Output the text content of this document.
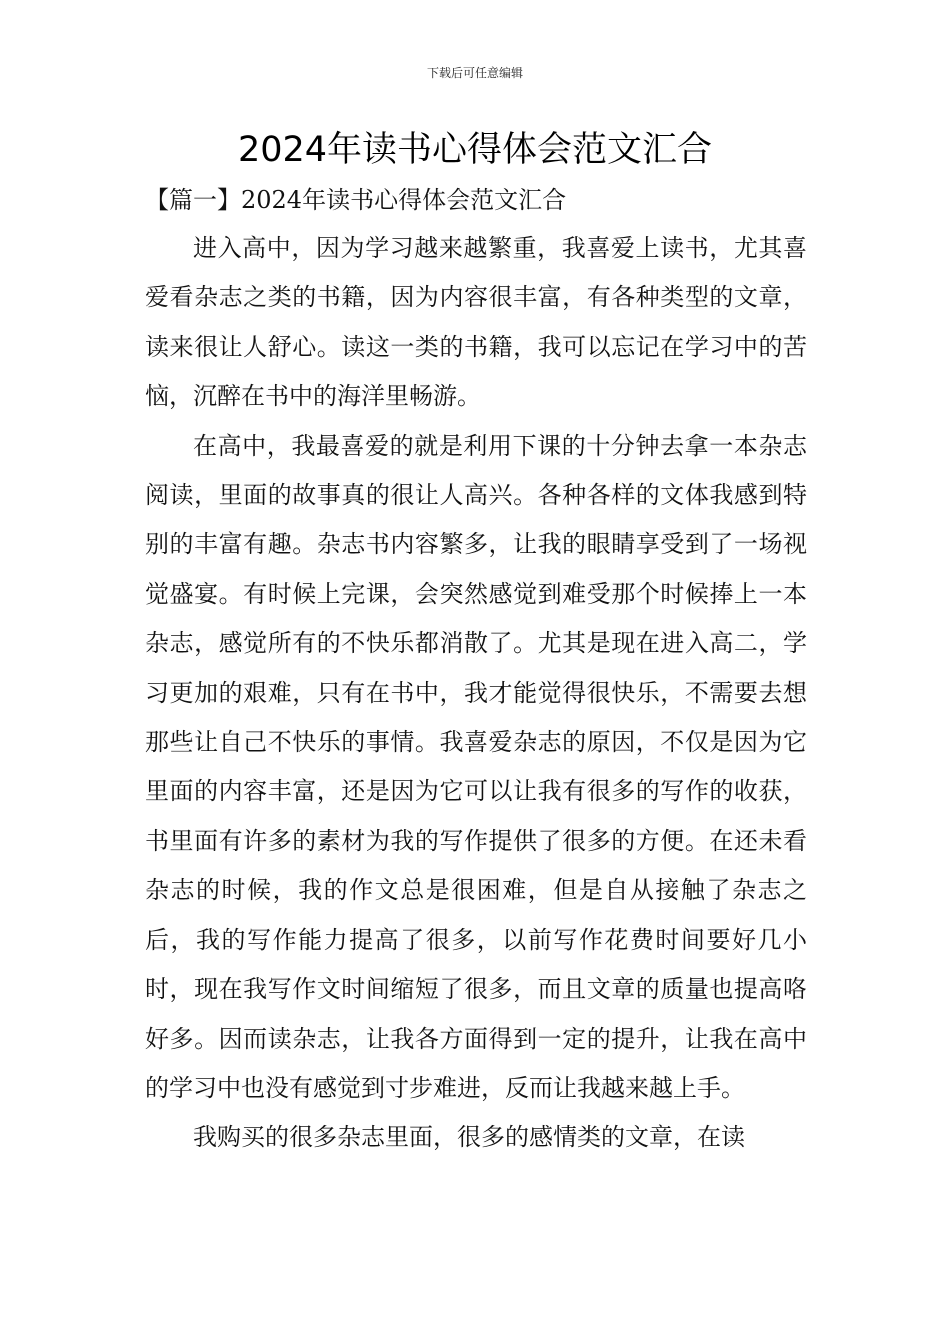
下载后可任意编辑
2024年读书心得体会范文汇合
【篇一】2024年读书心得体会范文汇合

进入高中，因为学习越来越繁重，我喜爱上读书，尤其喜爱看杂志之类的书籍，因为内容很丰富，有各种类型的文章，读来很让人舒心。读这一类的书籍，我可以忘记在学习中的苦恼，沉醉在书中的海洋里畅游。

在高中，我最喜爱的就是利用下课的十分钟去拿一本杂志阅读，里面的故事真的很让人高兴。各种各样的文体我感到特别的丰富有趣。杂志书内容繁多，让我的眼睛享受到了一场视觉盛宴。有时候上完课，会突然感觉到难受那个时候捧上一本杂志，感觉所有的不快乐都消散了。尤其是现在进入高二，学习更加的艰难，只有在书中，我才能觉得很快乐，不需要去想那些让自己不快乐的事情。我喜爱杂志的原因，不仅是因为它里面的内容丰富，还是因为它可以让我有很多的写作的收获，书里面有许多的素材为我的写作提供了很多的方便。在还未看杂志的时候，我的作文总是很困难，但是自从接触了杂志之后，我的写作能力提高了很多，以前写作花费时间要好几小时，现在我写作文时间缩短了很多，而且文章的质量也提高咯好多。因而读杂志，让我各方面得到一定的提升，让我在高中的学习中也没有感觉到寸步难进，反而让我越来越上手。

我购买的很多杂志里面，很多的感情类的文章，在读
